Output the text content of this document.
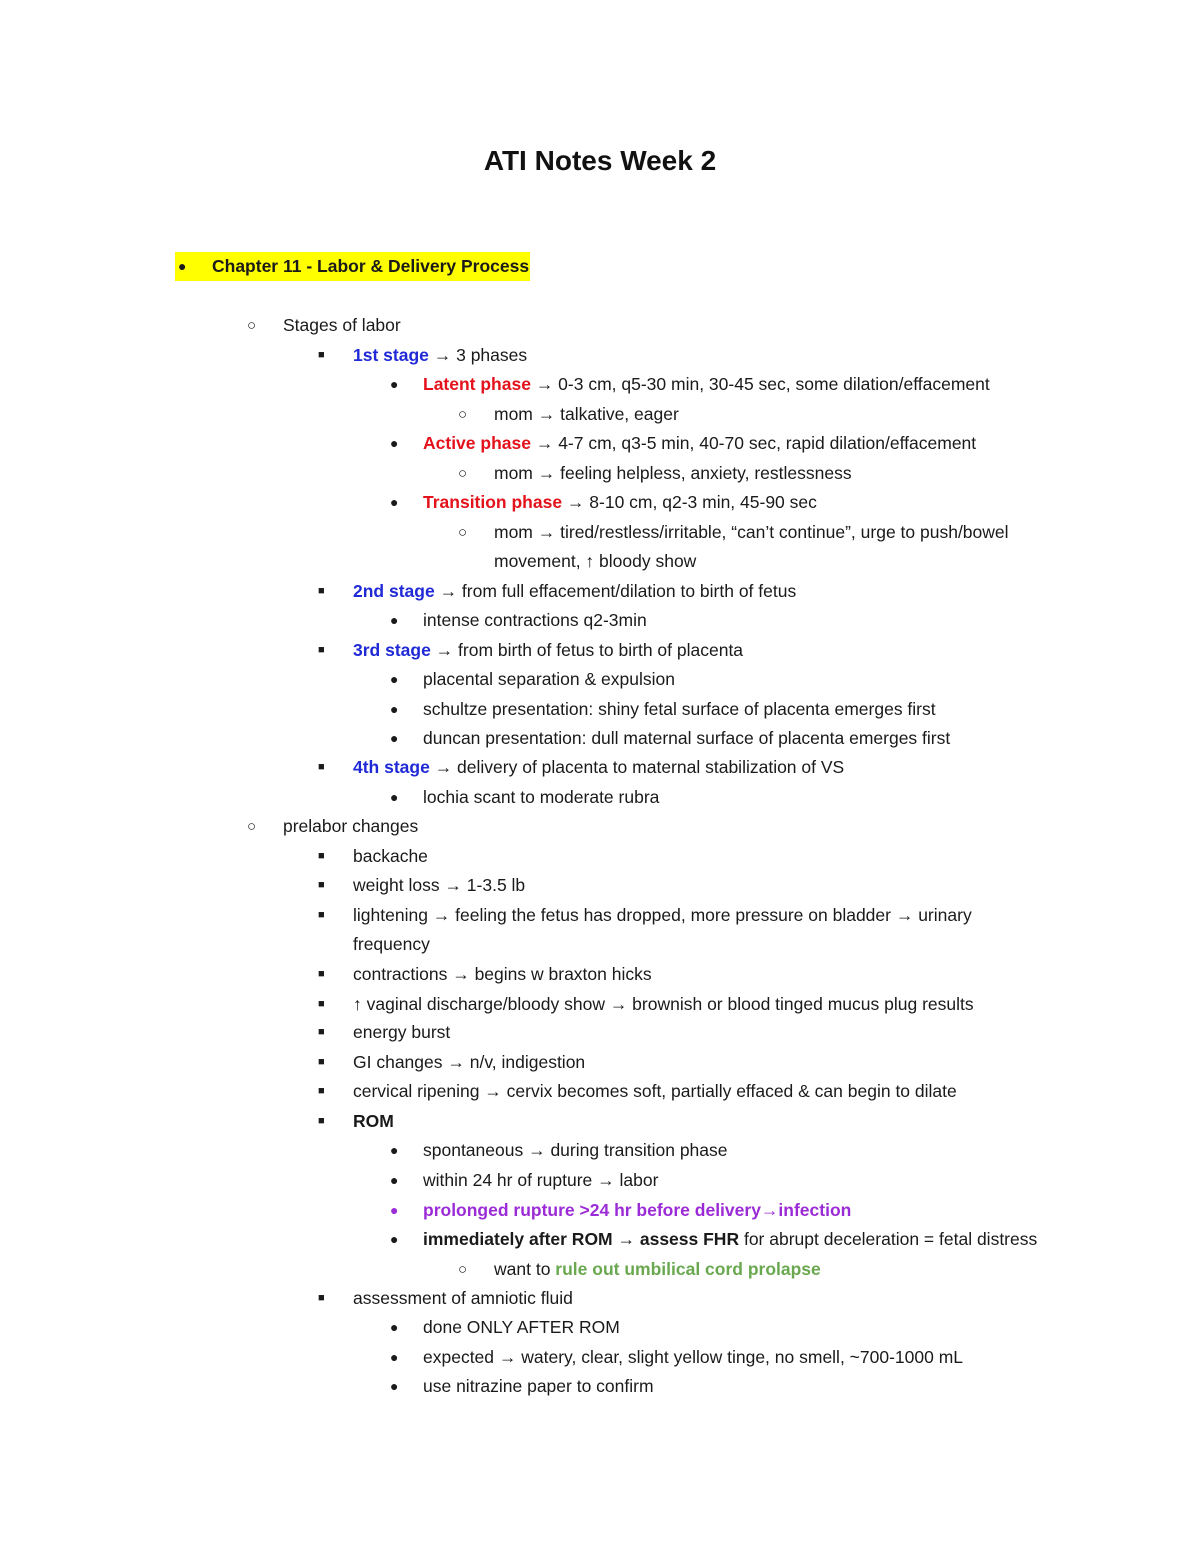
ATI Notes Week 2
● Chapter 11 - Labor & Delivery Process
○ Stages of labor
■ 1st stage → 3 phases
● Latent phase → 0-3 cm, q5-30 min, 30-45 sec, some dilation/effacement
○ mom → talkative, eager
● Active phase → 4-7 cm, q3-5 min, 40-70 sec, rapid dilation/effacement
○ mom → feeling helpless, anxiety, restlessness
● Transition phase → 8-10 cm, q2-3 min, 45-90 sec
○ mom → tired/restless/irritable, “can’t continue”, urge to push/bowel
movement, ↑ bloody show
■ 2nd stage → from full effacement/dilation to birth of fetus
● intense contractions q2-3min
■ 3rd stage → from birth of fetus to birth of placenta
● placental separation & expulsion
● schultze presentation: shiny fetal surface of placenta emerges first
● duncan presentation: dull maternal surface of placenta emerges first
■ 4th stage → delivery of placenta to maternal stabilization of VS
● lochia scant to moderate rubra
○ prelabor changes
■ backache
■ weight loss → 1-3.5 lb
■ lightening → feeling the fetus has dropped, more pressure on bladder → urinary
frequency
■ contractions → begins w braxton hicks
■ ↑ vaginal discharge/bloody show → brownish or blood tinged mucus plug results
■ energy burst
■ GI changes → n/v, indigestion
■ cervical ripening → cervix becomes soft, partially effaced & can begin to dilate
■ ROM
● spontaneous → during transition phase
● within 24 hr of rupture → labor
● prolonged rupture >24 hr before delivery→infection
● immediately after ROM → assess FHR for abrupt deceleration = fetal distress
○ want to rule out umbilical cord prolapse
■ assessment of amniotic fluid
● done ONLY AFTER ROM
● expected → watery, clear, slight yellow tinge, no smell, ~700-1000 mL
● use nitrazine paper to confirm
